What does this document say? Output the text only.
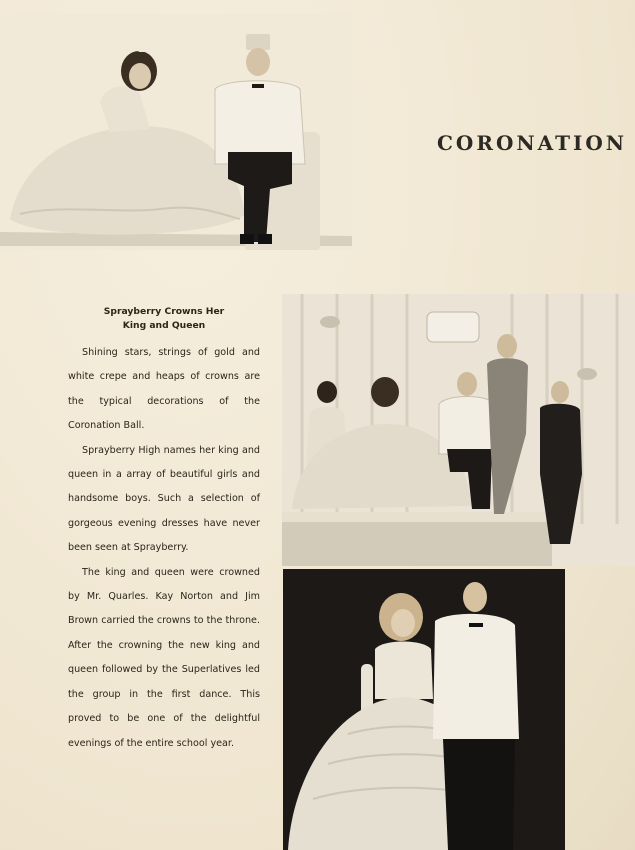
CORONATION
Sprayberry Crowns Her
King and Queen

Shining stars, strings of gold and white crepe and heaps of crowns are the typical decorations of the Coronation Ball.

Sprayberry High names her king and queen in a array of beautiful girls and handsome boys. Such a selection of gorgeous evening dresses have never been seen at Sprayberry.

The king and queen were crowned by Mr. Quarles. Kay Norton and Jim Brown carried the crowns to the throne. After the crowning the new king and queen followed by the Superlatives led the group in the first dance. This proved to be one of the delightful evenings of the entire school year.
